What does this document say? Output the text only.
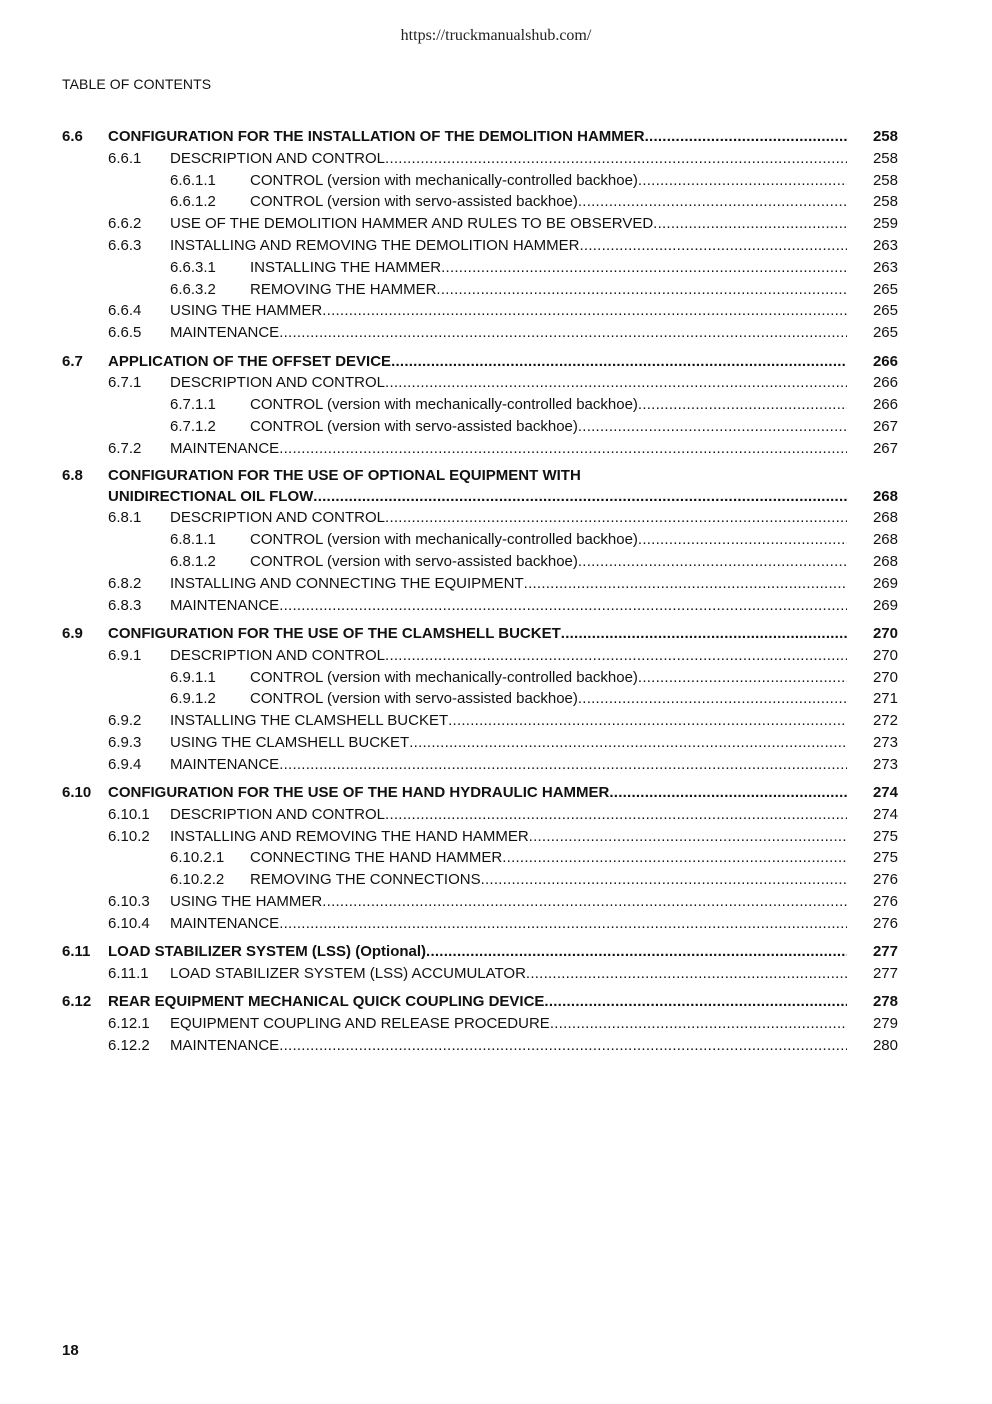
https://truckmanualshub.com/
TABLE OF CONTENTS
6.6 CONFIGURATION FOR THE INSTALLATION OF THE DEMOLITION HAMMER .....	258
6.6.1 DESCRIPTION AND CONTROL .....	258
6.6.1.1 CONTROL (version with mechanically-controlled backhoe) .....	258
6.6.1.2 CONTROL (version with servo-assisted backhoe) .....	258
6.6.2 USE OF THE DEMOLITION HAMMER AND RULES TO BE OBSERVED .....	259
6.6.3 INSTALLING AND REMOVING THE DEMOLITION HAMMER .....	263
6.6.3.1 INSTALLING THE HAMMER .....	263
6.6.3.2 REMOVING THE HAMMER .....	265
6.6.4 USING THE HAMMER .....	265
6.6.5 MAINTENANCE .....	265
6.7 APPLICATION OF THE OFFSET DEVICE .....	266
6.7.1 DESCRIPTION AND CONTROL .....	266
6.7.1.1 CONTROL (version with mechanically-controlled backhoe) .....	266
6.7.1.2 CONTROL (version with servo-assisted backhoe) .....	267
6.7.2 MAINTENANCE .....	267
6.8 CONFIGURATION FOR THE USE OF OPTIONAL EQUIPMENT WITH
UNIDIRECTIONAL OIL FLOW .....	268
6.8.1 DESCRIPTION AND CONTROL .....	268
6.8.1.1 CONTROL (version with mechanically-controlled backhoe) .....	268
6.8.1.2 CONTROL (version with servo-assisted backhoe) .....	268
6.8.2 INSTALLING AND CONNECTING THE EQUIPMENT .....	269
6.8.3 MAINTENANCE .....	269
6.9 CONFIGURATION FOR THE USE OF THE CLAMSHELL BUCKET .....	270
6.9.1 DESCRIPTION AND CONTROL .....	270
6.9.1.1 CONTROL (version with mechanically-controlled backhoe) .....	270
6.9.1.2 CONTROL (version with servo-assisted backhoe) .....	271
6.9.2 INSTALLING THE CLAMSHELL BUCKET .....	272
6.9.3 USING THE CLAMSHELL BUCKET .....	273
6.9.4 MAINTENANCE .....	273
6.10 CONFIGURATION FOR THE USE OF THE HAND HYDRAULIC HAMMER .....	274
6.10.1 DESCRIPTION AND CONTROL .....	274
6.10.2 INSTALLING AND REMOVING THE HAND HAMMER .....	275
6.10.2.1 CONNECTING THE HAND HAMMER .....	275
6.10.2.2 REMOVING THE CONNECTIONS .....	276
6.10.3 USING THE HAMMER .....	276
6.10.4 MAINTENANCE .....	276
6.11 LOAD STABILIZER SYSTEM (LSS) (Optional) .....	277
6.11.1 LOAD STABILIZER SYSTEM (LSS) ACCUMULATOR .....	277
6.12 REAR EQUIPMENT MECHANICAL QUICK COUPLING DEVICE .....	278
6.12.1 EQUIPMENT COUPLING AND RELEASE PROCEDURE .....	279
6.12.2 MAINTENANCE .....	280
18
